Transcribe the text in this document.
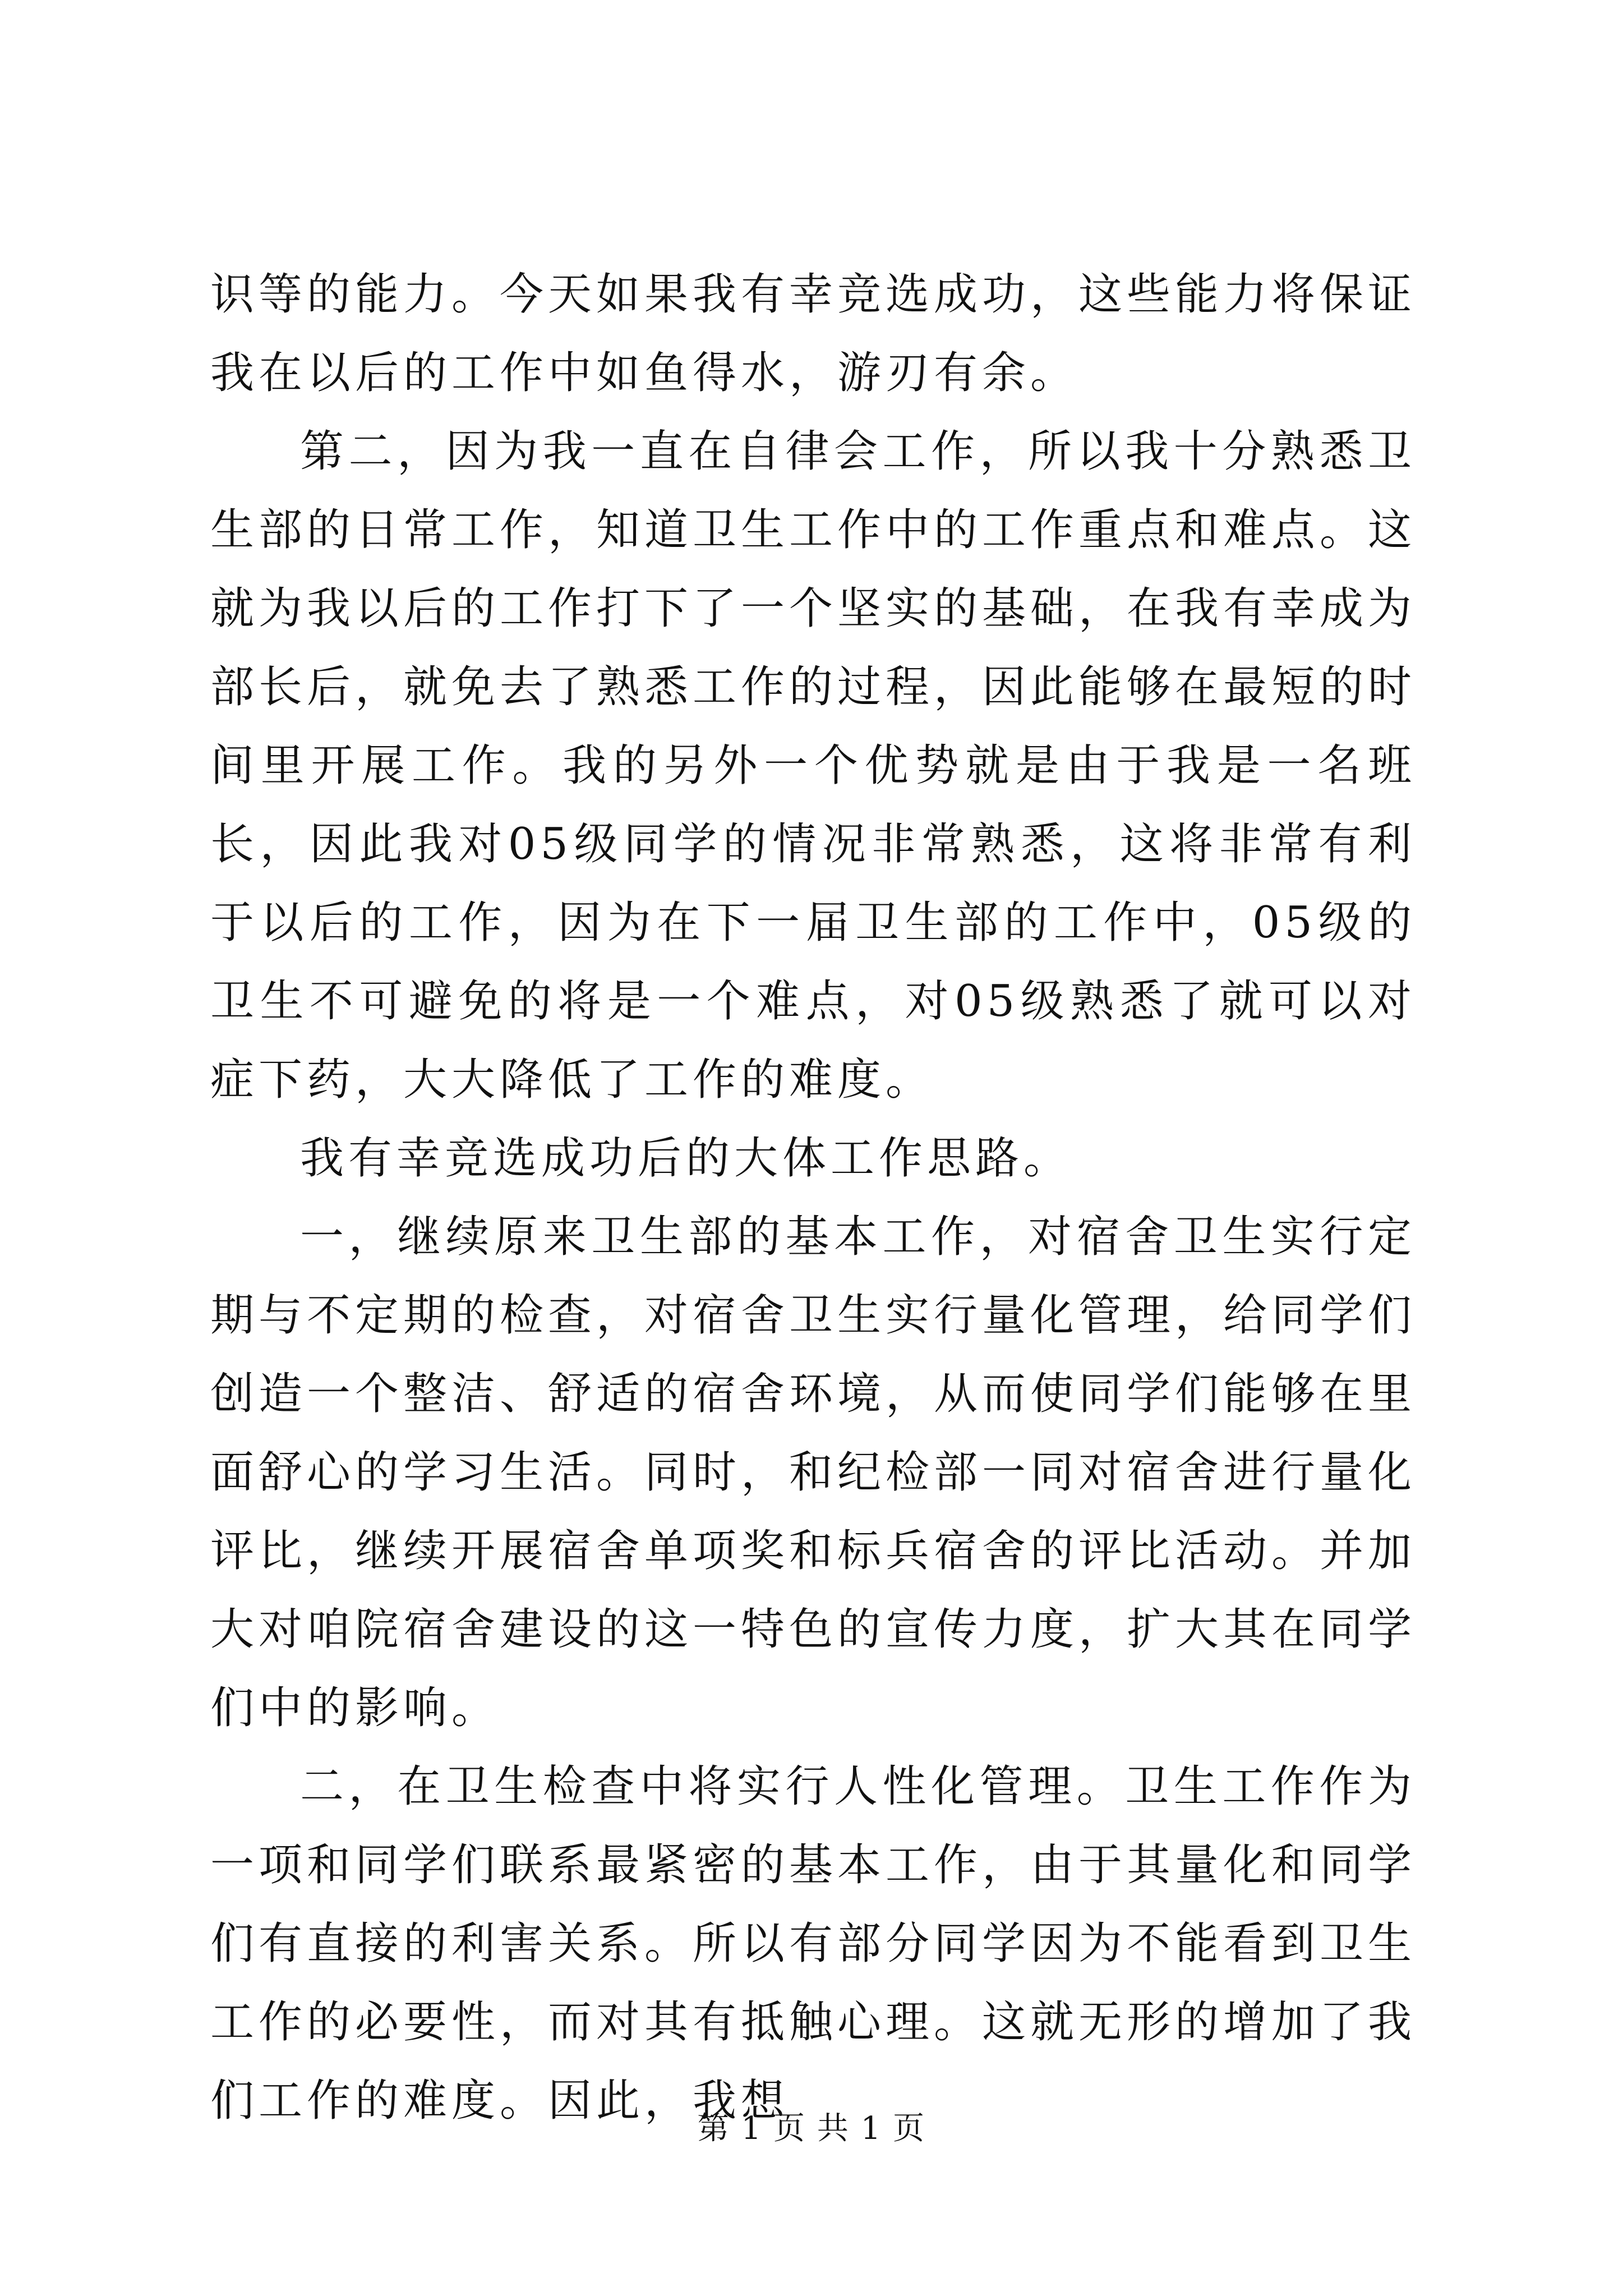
识等的能力。今天如果我有幸竞选成功，这些能力将保证我在以后的工作中如鱼得水，游刃有余。

第二，因为我一直在自律会工作，所以我十分熟悉卫生部的日常工作，知道卫生工作中的工作重点和难点。这就为我以后的工作打下了一个坚实的基础，在我有幸成为部长后，就免去了熟悉工作的过程，因此能够在最短的时间里开展工作。我的另外一个优势就是由于我是一名班长，因此我对05级同学的情况非常熟悉，这将非常有利于以后的工作，因为在下一届卫生部的工作中，05级的卫生不可避免的将是一个难点，对05级熟悉了就可以对症下药，大大降低了工作的难度。

我有幸竞选成功后的大体工作思路。

一，继续原来卫生部的基本工作，对宿舍卫生实行定期与不定期的检查，对宿舍卫生实行量化管理，给同学们创造一个整洁、舒适的宿舍环境，从而使同学们能够在里面舒心的学习生活。同时，和纪检部一同对宿舍进行量化评比，继续开展宿舍单项奖和标兵宿舍的评比活动。并加大对咱院宿舍建设的这一特色的宣传力度，扩大其在同学们中的影响。

二，在卫生检查中将实行人性化管理。卫生工作作为一项和同学们联系最紧密的基本工作，由于其量化和同学们有直接的利害关系。所以有部分同学因为不能看到卫生工作的必要性，而对其有抵触心理。这就无形的增加了我们工作的难度。因此，我想

第 1 页 共 1 页
